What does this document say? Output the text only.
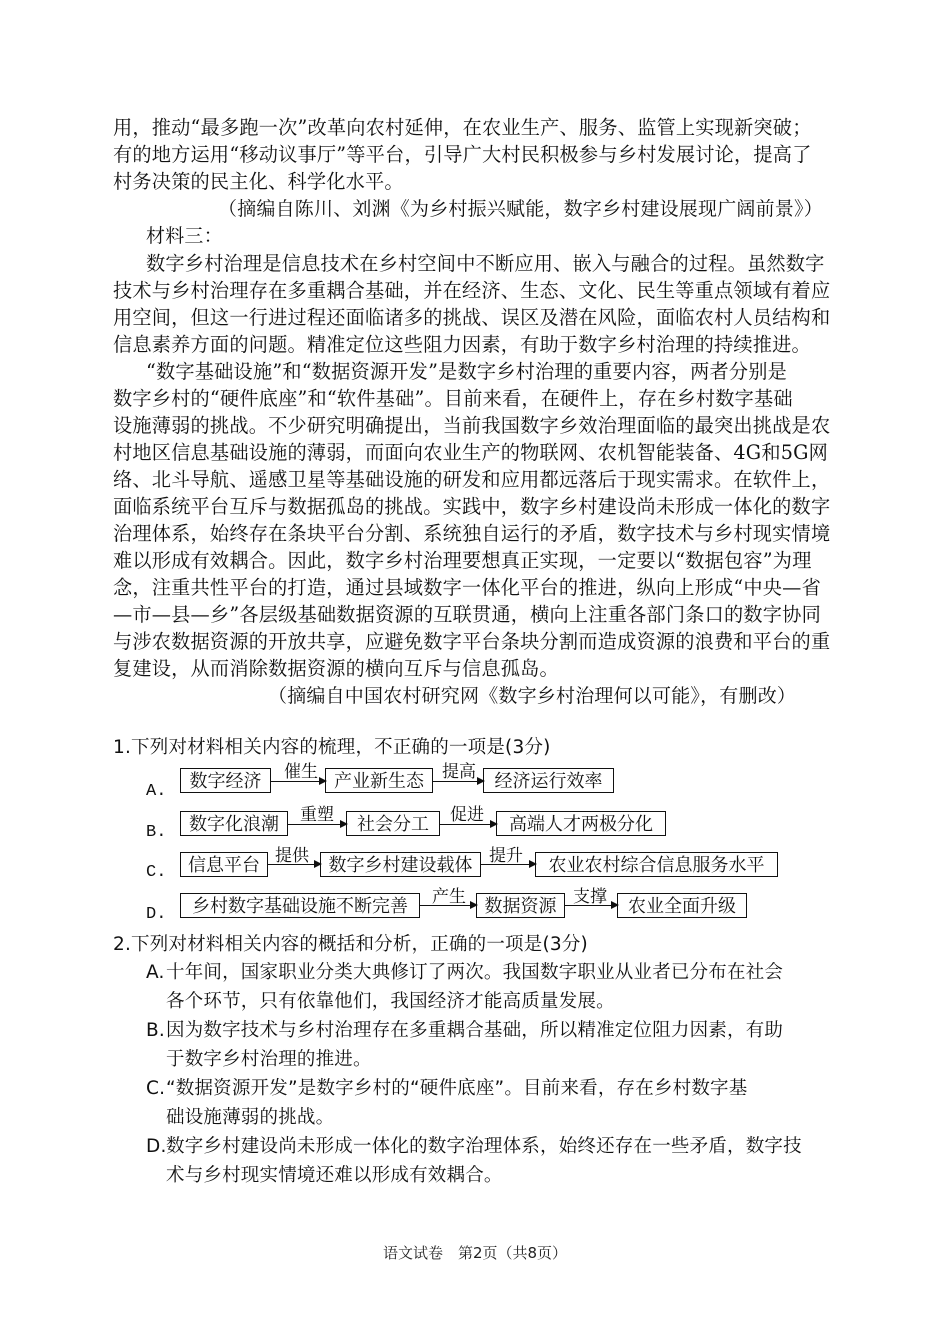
用，推动“最多跑一次”改革向农村延伸，在农业生产、服务、监管上实现新突破；
有的地方运用“移动议事厅”等平台，引导广大村民积极参与乡村发展讨论，提高了
村务决策的民主化、科学化水平。
（摘编自陈川、刘渊《为乡村振兴赋能，数字乡村建设展现广阔前景》）
材料三：
数字乡村治理是信息技术在乡村空间中不断应用、嵌入与融合的过程。虽然数字
技术与乡村治理存在多重耦合基础，并在经济、生态、文化、民生等重点领域有着应
用空间，但这一行进过程还面临诸多的挑战、误区及潜在风险，面临农村人员结构和
信息素养方面的问题。精准定位这些阻力因素，有助于数字乡村治理的持续推进。
“数字基础设施”和“数据资源开发”是数字乡村治理的重要内容，两者分别是
数字乡村的“硬件底座”和“软件基础”。目前来看，在硬件上，存在乡村数字基础
设施薄弱的挑战。不少研究明确提出，当前我国数字乡效治理面临的最突出挑战是农
村地区信息基础设施的薄弱，而面向农业生产的物联网、农机智能装备、4G和5G网
络、北斗导航、遥感卫星等基础设施的研发和应用都远落后于现实需求。在软件上，
面临系统平台互斥与数据孤岛的挑战。实践中，数字乡村建设尚未形成一体化的数字
治理体系，始终存在条块平台分割、系统独自运行的矛盾，数字技术与乡村现实情境
难以形成有效耦合。因此，数字乡村治理要想真正实现，一定要以“数据包容”为理
念，注重共性平台的打造，通过县域数字一体化平台的推进，纵向上形成“中央—省
—市—县—乡”各层级基础数据资源的互联贯通，横向上注重各部门条口的数字协同
与涉农数据资源的开放共享，应避免数字平台条块分割而造成资源的浪费和平台的重
复建设，从而消除数据资源的横向互斥与信息孤岛。
（摘编自中国农村研究网《数字乡村治理何以可能》，有删改）
1.下列对材料相关内容的梳理，不正确的一项是(3分)
A.	数字经济	催生 产业新生态	提高	经济运行效率
B.	数字化浪潮	重塑	社会分工	促进	高端人才两极分化
C.	信息平台 提供	数字乡村建设载体 提升	农业农村综合信息服务水平
D.	乡村数字基础设施不断完善	产生	数据资源 支撑	农业全面升级
2.下列对材料相关内容的概括和分析，正确的一项是(3分)
A. 十年间，国家职业分类大典修订了两次。我国数字职业从业者已分布在社会
各个环节，只有依靠他们，我国经济才能高质量发展。
B. 因为数字技术与乡村治理存在多重耦合基础，所以精准定位阻力因素，有助
于数字乡村治理的推进。
C. “数据资源开发”是数字乡村的“硬件底座”。目前来看，存在乡村数字基
础设施薄弱的挑战。
D. 数字乡村建设尚未形成一体化的数字治理体系，始终还存在一些矛盾，数字技
术与乡村现实情境还难以形成有效耦合。
语文试卷　第2页（共8页）
